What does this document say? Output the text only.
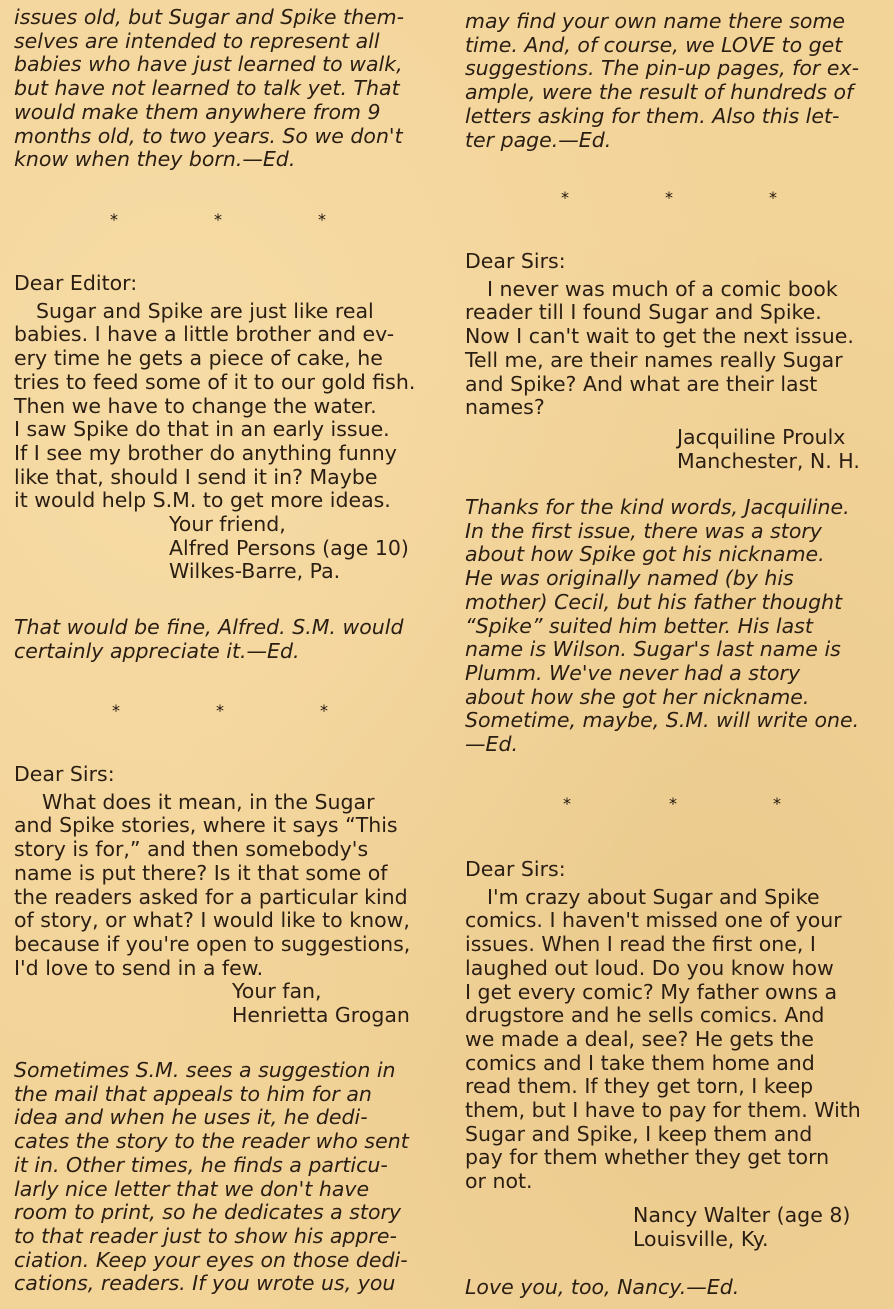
issues old, but Sugar and Spike them-
selves are intended to represent all
babies who have just learned to walk,
but have not learned to talk yet. That
would make them anywhere from 9
months old, to two years. So we don't
know when they born.—Ed.
*	*	*

Dear Editor:

Sugar and Spike are just like real
babies. I have a little brother and ev-
ery time he gets a piece of cake, he
tries to feed some of it to our gold fish.
Then we have to change the water.
I saw Spike do that in an early issue.
If I see my brother do anything funny
like that, should I send it in? Maybe
it would help S.M. to get more ideas.

Your friend,

Alfred Persons (age 10)

Wilkes-Barre, Pa.

That would be fine, Alfred. S.M. would
certainly appreciate it.—Ed.
*	*	*

Dear Sirs:

What does it mean, in the Sugar
and Spike stories, where it says “This
story is for,” and then somebody's
name is put there? Is it that some of
the readers asked for a particular kind
of story, or what? I would like to know,
because if you're open to suggestions,
I'd love to send in a few.

Your fan,

Henrietta Grogan

Sometimes S.M. sees a suggestion in
the mail that appeals to him for an
idea and when he uses it, he dedi-
cates the story to the reader who sent
it in. Other times, he finds a particu-
larly nice letter that we don't have
room to print, so he dedicates a story
to that reader just to show his appre-
ciation. Keep your eyes on those dedi-
cations, readers. If you wrote us, you
may find your own name there some
time. And, of course, we LOVE to get
suggestions. The pin-up pages, for ex-
ample, were the result of hundreds of
letters asking for them. Also this let-
ter page.—Ed.
*	*	*

Dear Sirs:

I never was much of a comic book
reader till I found Sugar and Spike.
Now I can't wait to get the next issue.
Tell me, are their names really Sugar
and Spike? And what are their last
names?

Jacquiline Proulx

Manchester, N. H.

Thanks for the kind words, Jacquiline.
In the first issue, there was a story
about how Spike got his nickname.
He was originally named (by his
mother) Cecil, but his father thought
“Spike” suited him better. His last
name is Wilson. Sugar's last name is
Plumm. We've never had a story
about how she got her nickname.
Sometime, maybe, S.M. will write one.
—Ed.
*	*	*

Dear Sirs:

I'm crazy about Sugar and Spike
comics. I haven't missed one of your
issues. When I read the first one, I
laughed out loud. Do you know how
I get every comic? My father owns a
drugstore and he sells comics. And
we made a deal, see? He gets the
comics and I take them home and
read them. If they get torn, I keep
them, but I have to pay for them. With
Sugar and Spike, I keep them and
pay for them whether they get torn
or not.

Nancy Walter (age 8)

Louisville, Ky.

Love you, too, Nancy.—Ed.
